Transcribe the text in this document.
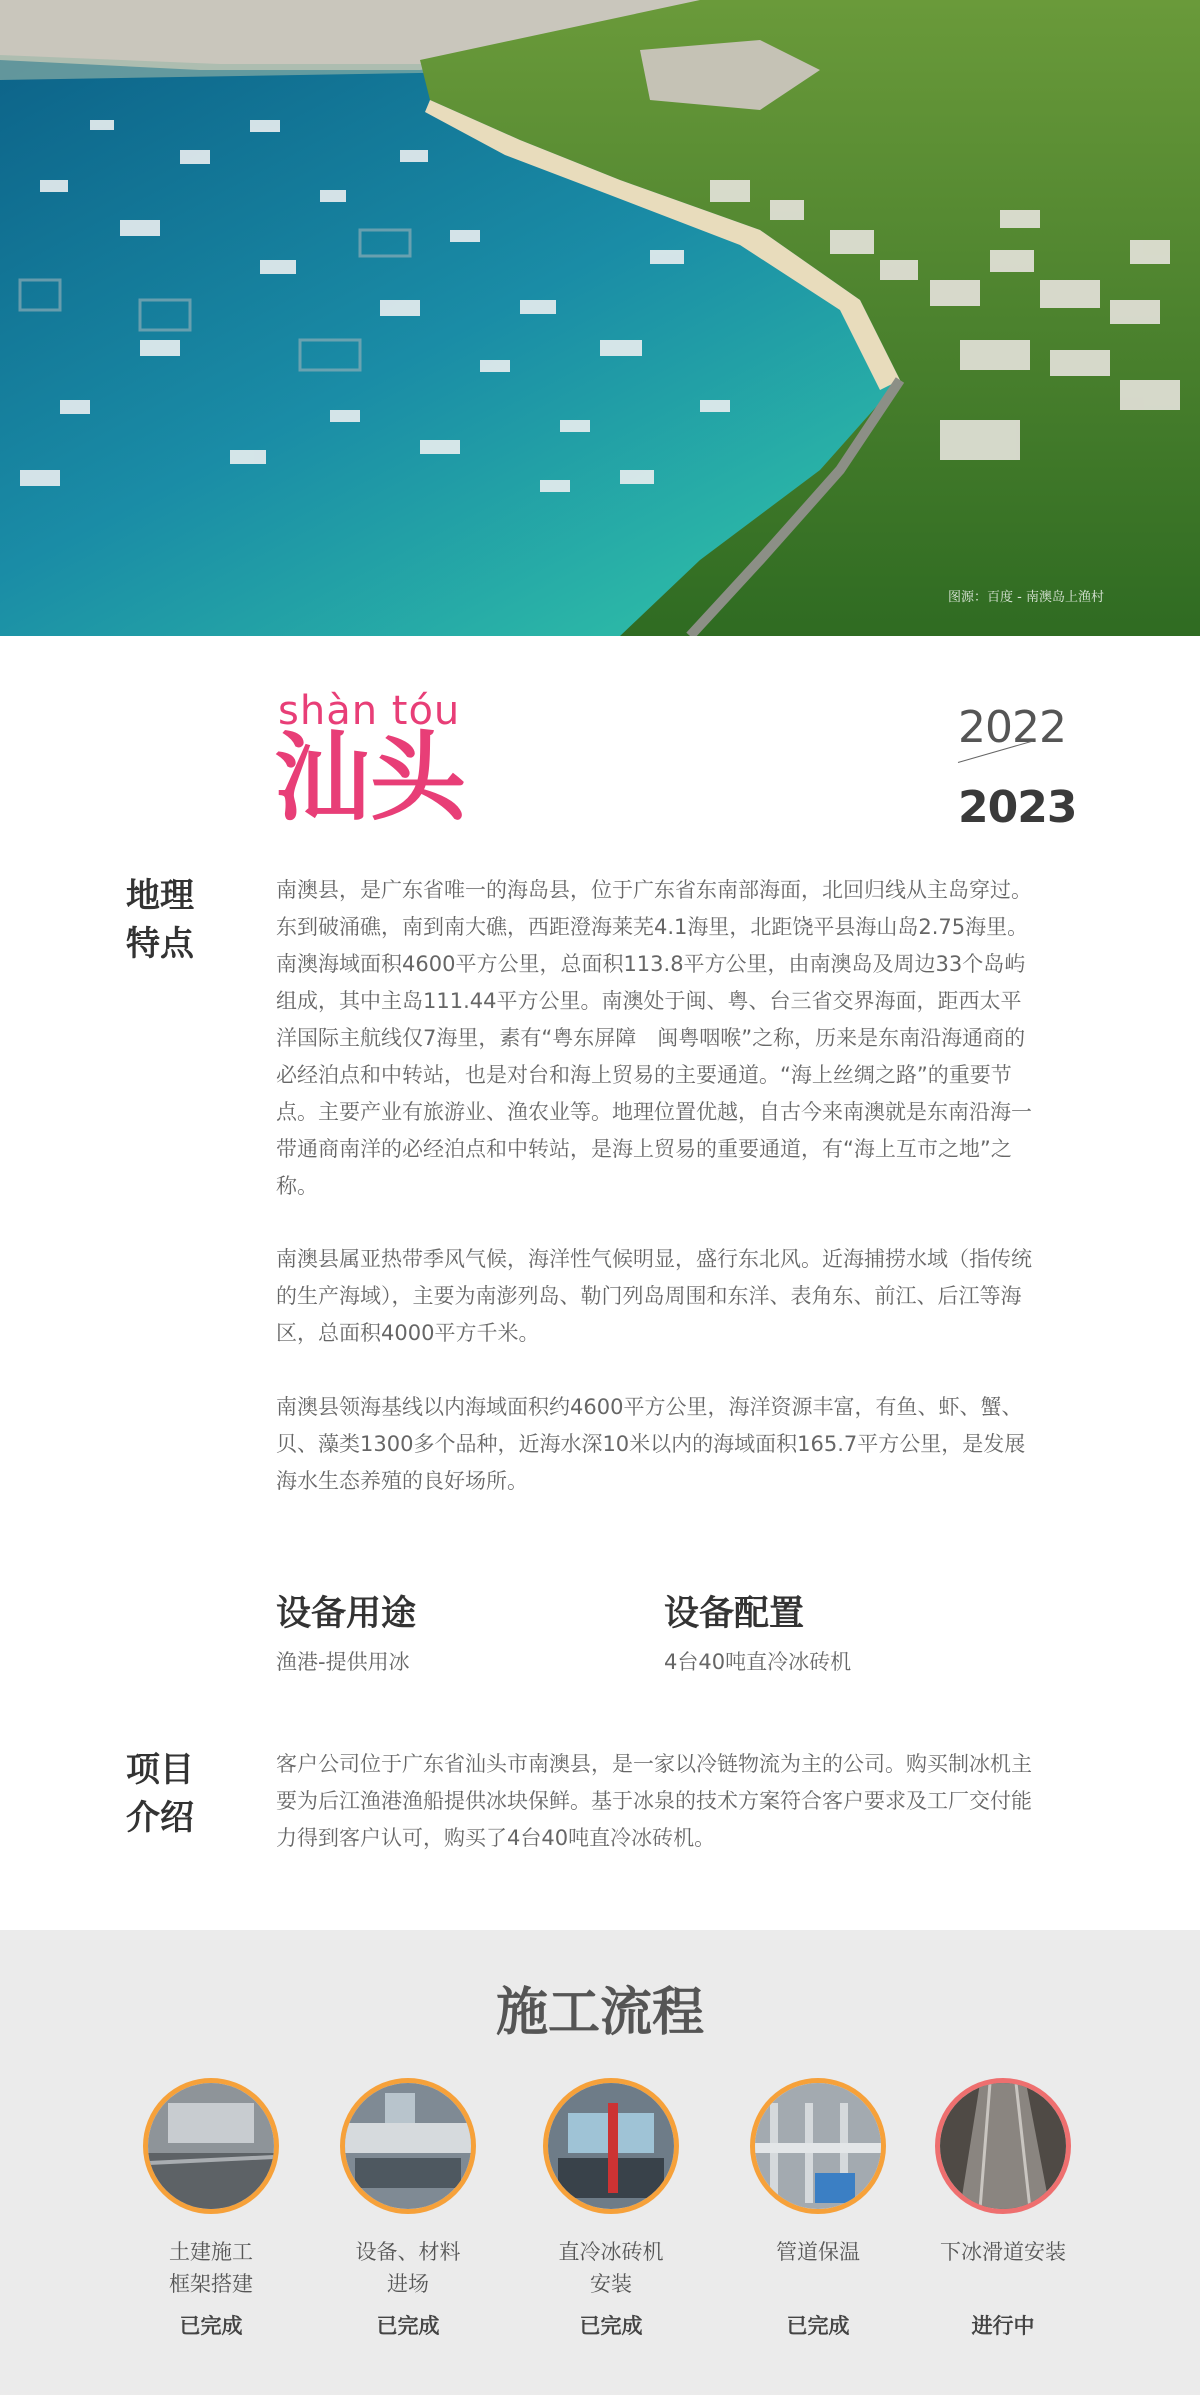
图源：百度 - 南澳岛上渔村
shàn tóu
汕头	2022
2023
地理
特点

南澳县，是广东省唯一的海岛县，位于广东省东南部海面，北回归线从主岛穿过。东到破涌礁，南到南大礁，西距澄海莱芜4.1海里，北距饶平县海山岛2.75海里。南澳海域面积4600平方公里，总面积113.8平方公里，由南澳岛及周边33个岛屿组成，其中主岛111.44平方公里。南澳处于闽、粤、台三省交界海面，距西太平洋国际主航线仅7海里，素有“粤东屏障　闽粤咽喉”之称，历来是东南沿海通商的必经泊点和中转站，也是对台和海上贸易的主要通道。“海上丝绸之路”的重要节点。主要产业有旅游业、渔农业等。地理位置优越，自古今来南澳就是东南沿海一带通商南洋的必经泊点和中转站，是海上贸易的重要通道，有“海上互市之地”之称。

南澳县属亚热带季风气候，海洋性气候明显，盛行东北风。近海捕捞水域（指传统的生产海域），主要为南澎列岛、勒门列岛周围和东洋、表角东、前江、后江等海区，总面积4000平方千米。

南澳县领海基线以内海域面积约4600平方公里，海洋资源丰富，有鱼、虾、蟹、贝、藻类1300多个品种，近海水深10米以内的海域面积165.7平方公里，是发展海水生态养殖的良好场所。

设备用途
渔港-提供用冰
设备配置
4台40吨直冷冰砖机
项目
介绍

客户公司位于广东省汕头市南澳县，是一家以冷链物流为主的公司。购买制冰机主要为后江渔港渔船提供冰块保鲜。基于冰泉的技术方案符合客户要求及工厂交付能力得到客户认可，购买了4台40吨直冷冰砖机。

施工流程
土建施工
框架搭建
已完成
设备、材料
进场
已完成
直冷冰砖机
安装
已完成
管道保温
已完成
下冰滑道安装
进行中
